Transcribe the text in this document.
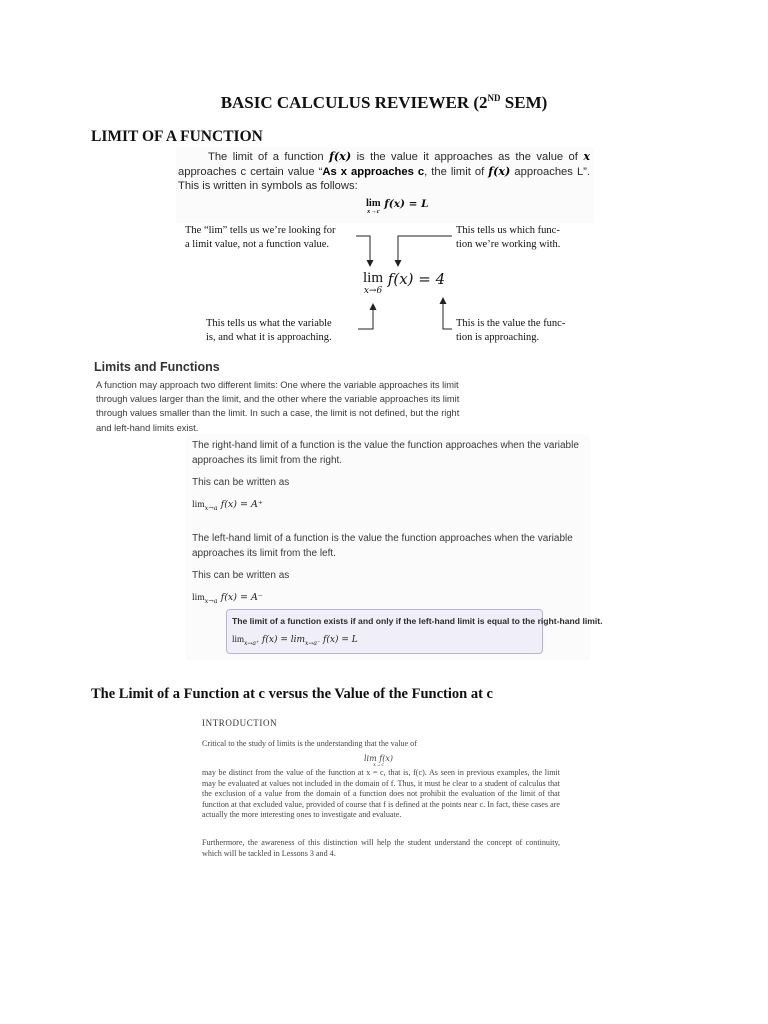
BASIC CALCULUS REVIEWER (2ND SEM)
LIMIT OF A FUNCTION
The limit of a function f(x) is the value it approaches as the value of x approaches c certain value “As x approaches c, the limit of f(x) approaches L”. This is written in symbols as follows:
lim
x→c
f(x) = L
The “lim” tells us we’re looking for
a limit value, not a function value.
This tells us which func-
tion we’re working with.
lim
x→6
f(x) = 4
This tells us what the variable
is, and what it is approaching.
This is the value the func-
tion is approaching.
Limits and Functions
A function may approach two different limits: One where the variable approaches its limit through values larger than the limit, and the other where the variable approaches its limit through values smaller than the limit. In such a case, the limit is not defined, but the right and left-hand limits exist.
The right-hand limit of a function is the value the function approaches when the variable approaches its limit from the right.
This can be written as
$\lim_{x\to a} f(x) = A^+$
The left-hand limit of a function is the value the function approaches when the variable approaches its limit from the left.
This can be written as
$\lim_{x\to a} f(x) = A^-$
The limit of a function exists if and only if the left-hand limit is equal to the right-hand limit.
$\lim_{x\to a^+} f(x) = \lim_{x\to a^-} f(x) = L$
The Limit of a Function at c versus the Value of the Function at c
INTRODUCTION
Critical to the study of limits is the understanding that the value of
lim f(x)
x→c
may be distinct from the value of the function at x = c, that is, f(c). As seen in previous examples, the limit may be evaluated at values not included in the domain of f. Thus, it must be clear to a student of calculus that the exclusion of a value from the domain of a function does not prohibit the evaluation of the limit of that function at that excluded value, provided of course that f is defined at the points near c. In fact, these cases are actually the more interesting ones to investigate and evaluate.
Furthermore, the awareness of this distinction will help the student understand the concept of continuity, which will be tackled in Lessons 3 and 4.
